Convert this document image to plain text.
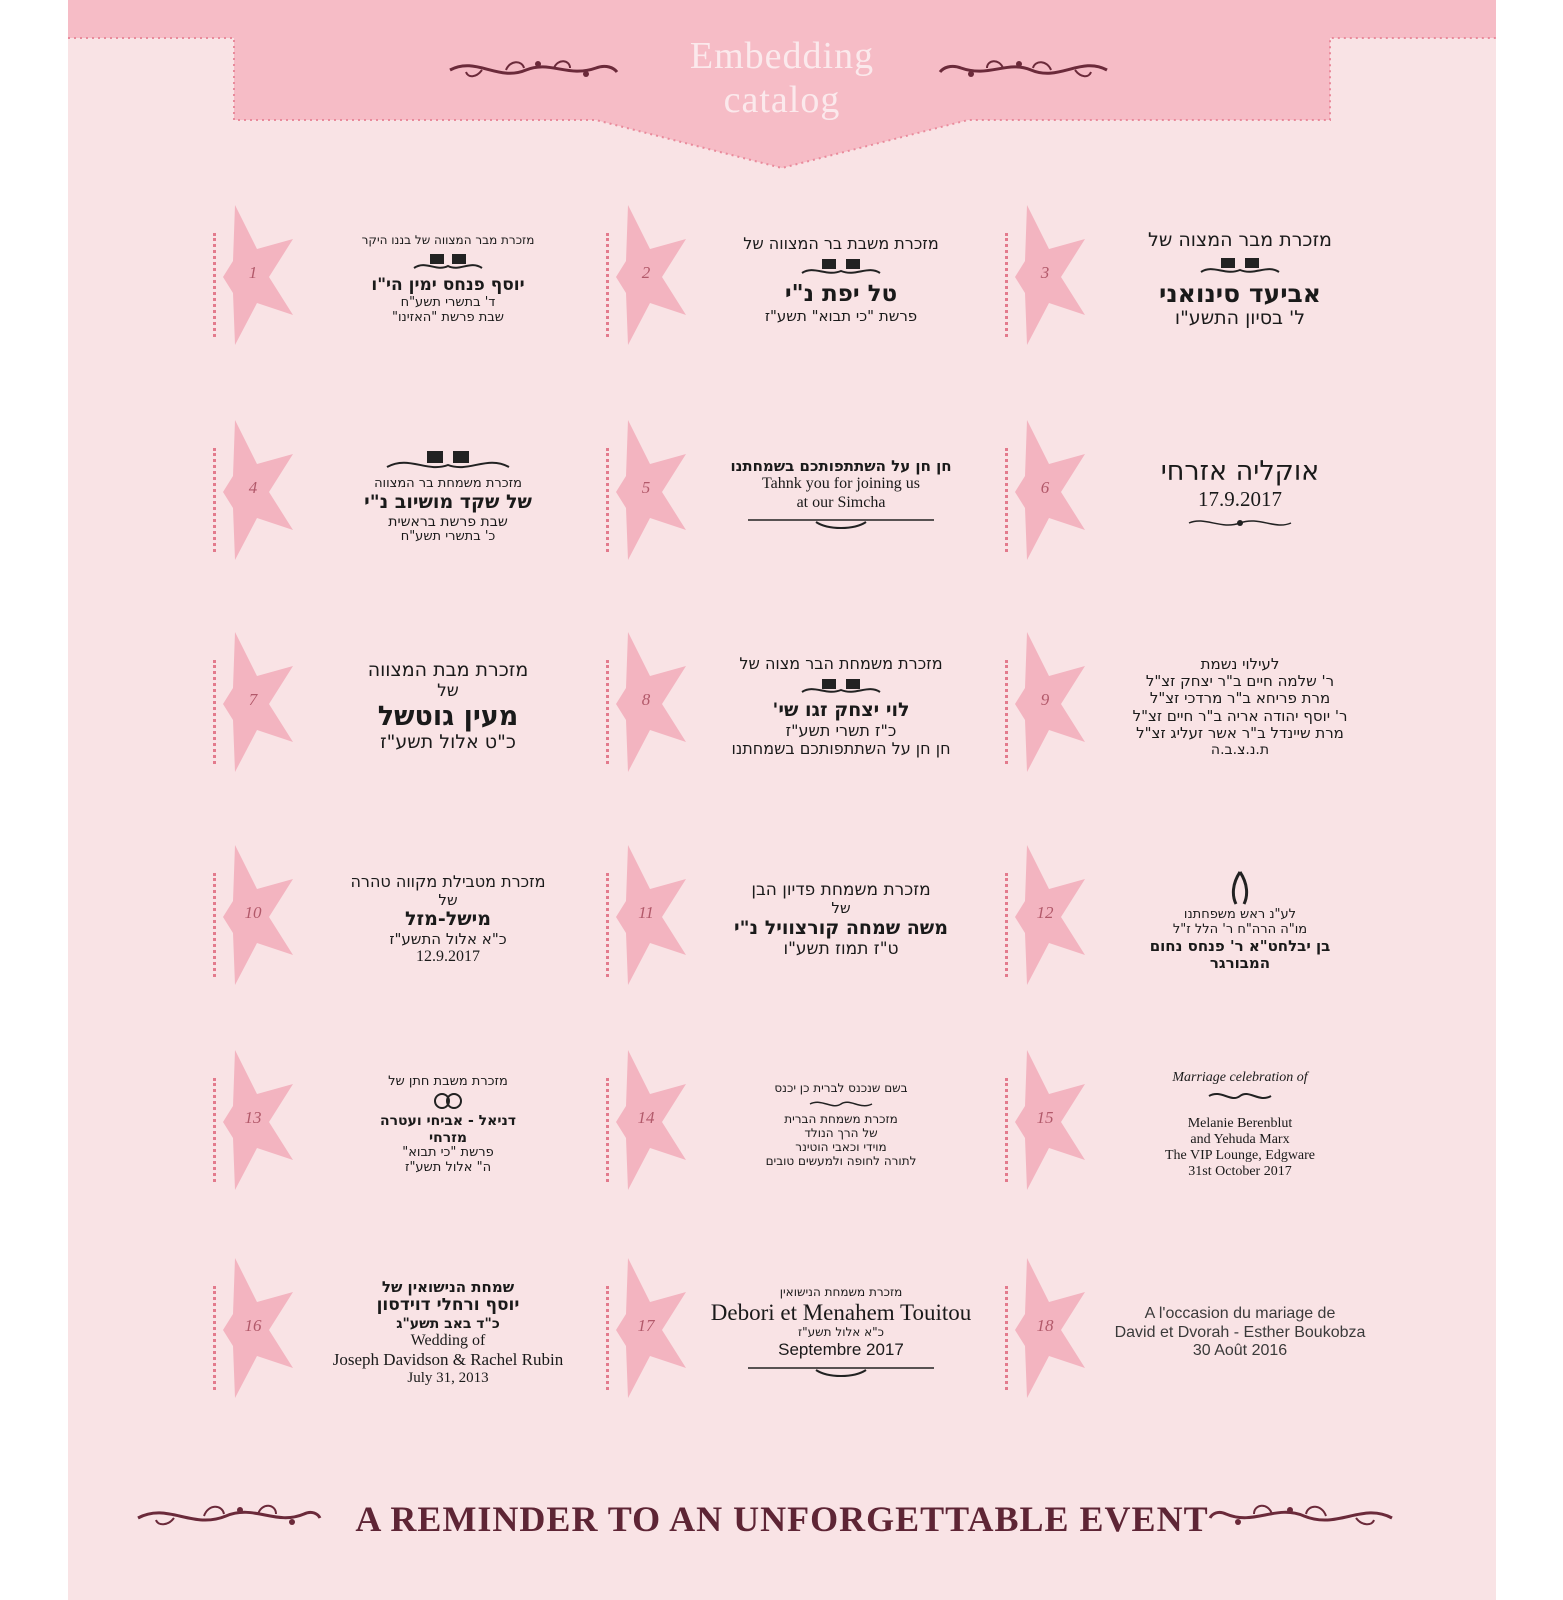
Embedding
catalog
1
מזכרת מבר המצווה של בננו היקר
יוסף פנחס ימין הי"ו
ד' בתשרי תשע"ח
שבת פרשת "האזינו"
2
מזכרת משבת בר המצווה של
טל יפת נ"י
פרשת "כי תבוא" תשע"ז
3
מזכרת מבר המצוה של
אביעד סינואני
ל' בסיון התשע"ו
4	מזכרת משמחת בר המצווה
של שקד מושיוב נ"י
שבת פרשת בראשית
כ' בתשרי תשע"ח
5
חן חן על השתתפותכם בשמחתנו
Tahnk you for joining us
at our Simcha
6
אוקליה אזרחי
17.9.2017
7
מזכרת מבת המצווה
של
מעין גוטשל
כ"ט אלול תשע"ז
8
מזכרת משמחת הבר מצוה של
לוי יצחק זגו שי'
כ"ז תשרי תשע"ז
חן חן על השתתפותכם בשמחתנו
9
לעילוי נשמת
ר' שלמה חיים ב"ר יצחק זצ"ל
מרת פריחא ב"ר מרדכי זצ"ל
ר' יוסף יהודה אריה ב"ר חיים זצ"ל
מרת שיינדל ב"ר אשר זעליג זצ"ל
ת.נ.צ.ב.ה
10
מזכרת מטבילת מקווה טהרה
של
מישל-מזל
כ"א אלול התשע"ז
12.9.2017
11
מזכרת משמחת פדיון הבן
של
משה שמחה קורצוויל נ"י
ט"ז תמוז תשע"ו
12	לע"נ ראש משפחתנו
מו"ה הרה"ח ר' הלל ז"ל
בן יבלחט"א ר' פנחס נחום
המבורגר
13
מזכרת משבת חתן של
דניאל - אביחי ועטרה
מזרחי
פרשת "כי תבוא"
ה" אלול תשע"ז
14
בשם שנכנס לברית כן יכנס
מזכרת משמחת הברית
של הרך הנולד
מוידי וכאבי הוטינר
לתורה לחופה ולמעשים טובים
15
Marriage celebration of
Melanie Berenblut
and Yehuda Marx
The VIP Lounge, Edgware
31st October 2017
16
שמחת הנישואין של
יוסף ורחלי דוידסון
כ"ד באב תשע"ג
Wedding of
Joseph Davidson & Rachel Rubin
July 31, 2013
17
מזכרת משמחת הנישואין
Debori et Menahem Touitou
כ"א אלול תשע"ז
Septembre 2017
18
A l'occasion du mariage de
David et Dvorah - Esther Boukobza
30 Août 2016
A REMINDER TO AN UNFORGETTABLE EVENT
